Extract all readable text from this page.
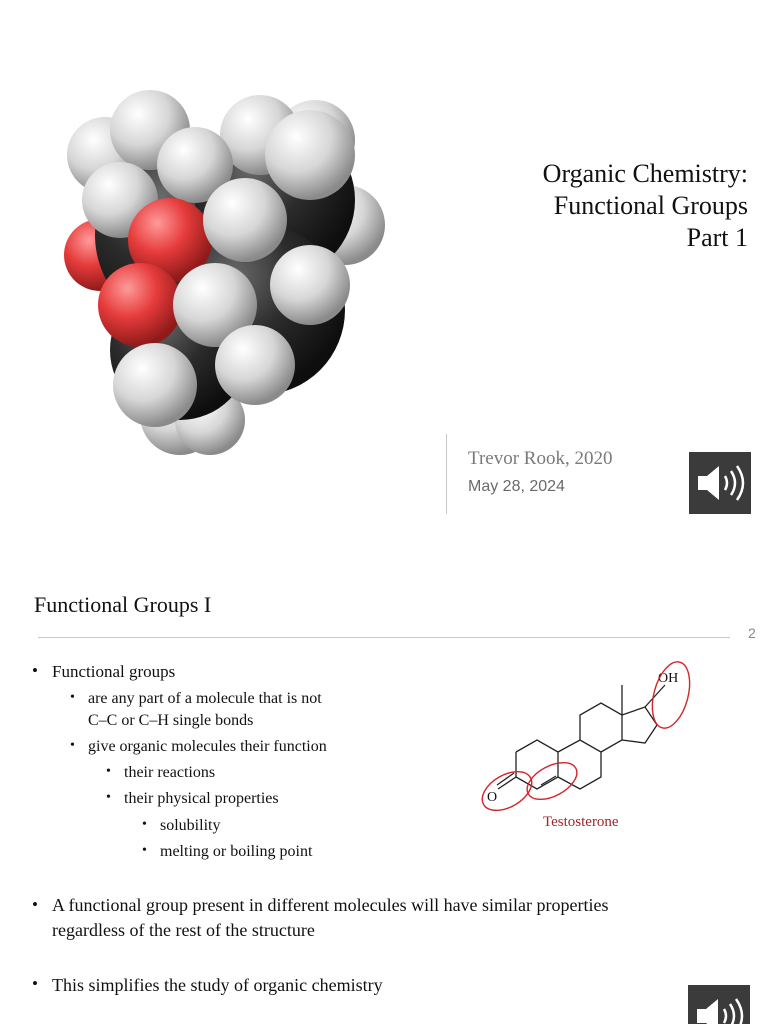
Organic Chemistry:
Functional Groups
Part 1
Trevor Rook, 2020
May 28, 2024
Functional Groups I
2
• Functional groups
• are any part of a molecule that is not
C–C or C–H single bonds
• give organic molecules their function
• their reactions
• their physical properties
• solubility
• melting or boiling point
• A functional group present in different molecules will have similar properties
regardless of the rest of the structure
• This simplifies the study of organic chemistry
OH
O
Testosterone
